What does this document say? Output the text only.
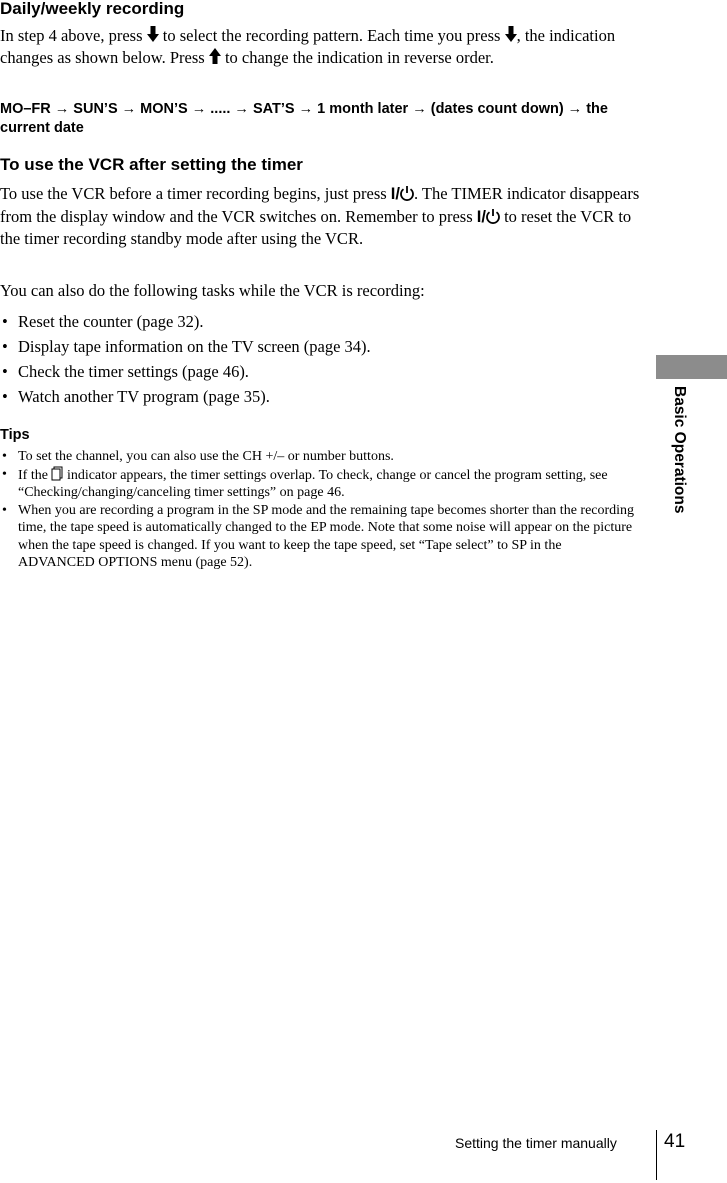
Daily/weekly recording

In step 4 above, press  to select the recording pattern. Each time you press , the indication changes as shown below. Press  to change the indication in reverse order.

MO–FR → SUN’S → MON’S → ..... → SAT’S → 1 month later → (dates count down) → the current date

To use the VCR after setting the timer

To use the VCR before a timer recording begins, just press I/ . The TIMER indicator disappears from the display window and the VCR switches on. Remember to press I/ to reset the VCR to the timer recording standby mode after using the VCR.

You can also do the following tasks while the VCR is recording:

• Reset the counter (page 32).
• Display tape information on the TV screen (page 34).
• Check the timer settings (page 46).
• Watch another TV program (page 35).
Tips
• To set the channel, you can also use the CH +/– or number buttons.
• If the  indicator appears, the timer settings overlap. To check, change or cancel the program setting, see “Checking/changing/canceling timer settings” on page 46.
• When you are recording a program in the SP mode and the remaining tape becomes shorter than the recording time, the tape speed is automatically changed to the EP mode. Note that some noise will appear on the picture when the tape speed is changed. If you want to keep the tape speed, set “Tape select” to SP in the ADVANCED OPTIONS menu (page 52).
Basic Operations
Setting the timer manually 41
